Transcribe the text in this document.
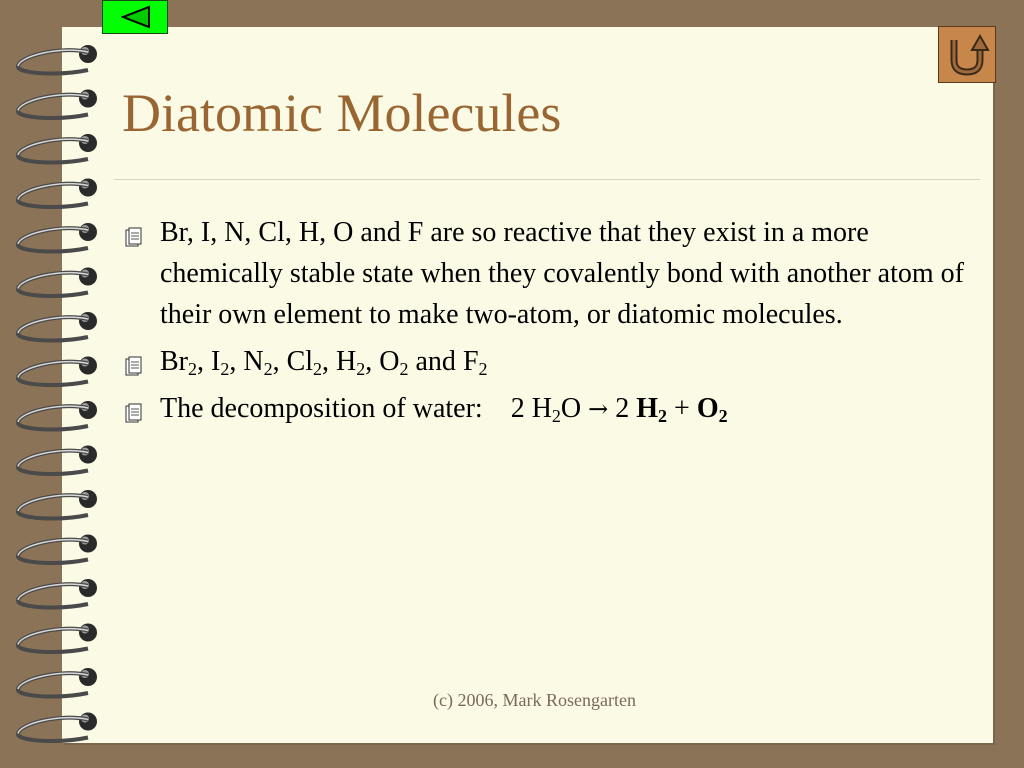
Diatomic Molecules
Br, I, N, Cl, H, O and F are so reactive that they exist in a more chemically stable state when they covalently bond with another atom of their own element to make two-atom, or diatomic molecules.
$Br_2$, $I_2$, $N_2$, $Cl_2$, $H_2$, $O_2$ and $F_2$
The decomposition of water: 2 $H_2O \to 2$ $H_2 + O_2$
(c) 2006, Mark Rosengarten
